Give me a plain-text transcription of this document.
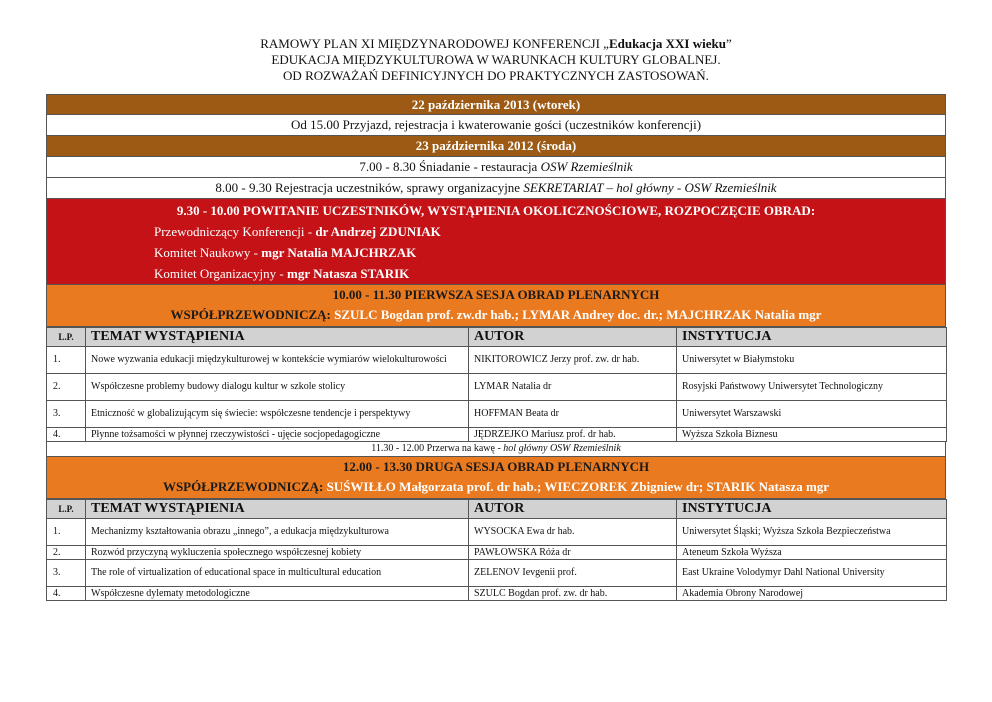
RAMOWY PLAN XI MIĘDZYNARODOWEJ KONFERENCJI „Edukacja XXI wieku”
EDUKACJA MIĘDZYKULTUROWA W WARUNKACH KULTURY GLOBALNEJ.
OD ROZWAŻAŃ DEFINICYJNYCH DO PRAKTYCZNYCH ZASTOSOWAŃ.
22 października 2013 (wtorek)
Od 15.00 Przyjazd, rejestracja i kwaterowanie gości (uczestników konferencji)
23 października 2012 (środa)
7.00 - 8.30 Śniadanie - restauracja OSW Rzemieślnik
8.00 - 9.30 Rejestracja uczestników, sprawy organizacyjne SEKRETARIAT – hol główny - OSW Rzemieślnik
9.30 - 10.00 POWITANIE UCZESTNIKÓW, WYSTĄPIENIA OKOLICZNOŚCIOWE, ROZPOCZĘCIE OBRAD:
Przewodniczący Konferencji - dr Andrzej ZDUNIAK
Komitet Naukowy - mgr Natalia MAJCHRZAK
Komitet Organizacyjny - mgr Natasza STARIK
10.00 - 11.30 PIERWSZA SESJA OBRAD PLENARNYCH
WSPÓŁPRZEWODNICZĄ: SZULC Bogdan prof. zw.dr hab.; LYMAR Andrey doc. dr.; MAJCHRZAK Natalia mgr
L.P.	TEMAT WYSTĄPIENIA	AUTOR	INSTYTUCJA
1.	Nowe wyzwania edukacji międzykulturowej w kontekście wymiarów wielokulturowości	NIKITOROWICZ Jerzy prof. zw. dr hab.	Uniwersytet w Białymstoku
2.	Współczesne problemy budowy dialogu kultur w szkole stolicy	LYMAR Natalia dr	Rosyjski Państwowy Uniwersytet Technologiczny
3.	Etniczność w globalizującym się świecie: współczesne tendencje i perspektywy	HOFFMAN Beata dr	Uniwersytet Warszawski
4.	Płynne tożsamości w płynnej rzeczywistości - ujęcie socjopedagogiczne	JĘDRZEJKO Mariusz prof. dr hab.	Wyższa Szkoła Biznesu
11.30 - 12.00 Przerwa na kawę - hol główny OSW Rzemieślnik
12.00 - 13.30 DRUGA SESJA OBRAD PLENARNYCH
WSPÓŁPRZEWODNICZĄ: SUŚWIŁŁO Małgorzata prof. dr hab.; WIECZOREK Zbigniew dr; STARIK Natasza mgr
L.P.	TEMAT WYSTĄPIENIA	AUTOR	INSTYTUCJA
1.	Mechanizmy kształtowania obrazu „innego”, a edukacja międzykulturowa	WYSOCKA Ewa dr hab.	Uniwersytet Śląski; Wyższa Szkoła Bezpieczeństwa
2.	Rozwód przyczyną wykluczenia społecznego współczesnej kobiety	PAWŁOWSKA Róża dr	Ateneum Szkoła Wyższa
3.	The role of virtualization of educational space in multicultural education	ZELENOV Ievgenii prof.	East Ukraine Volodymyr Dahl National University
4.	Współczesne dylematy metodologiczne	SZULC Bogdan prof. zw. dr hab.	Akademia Obrony Narodowej
